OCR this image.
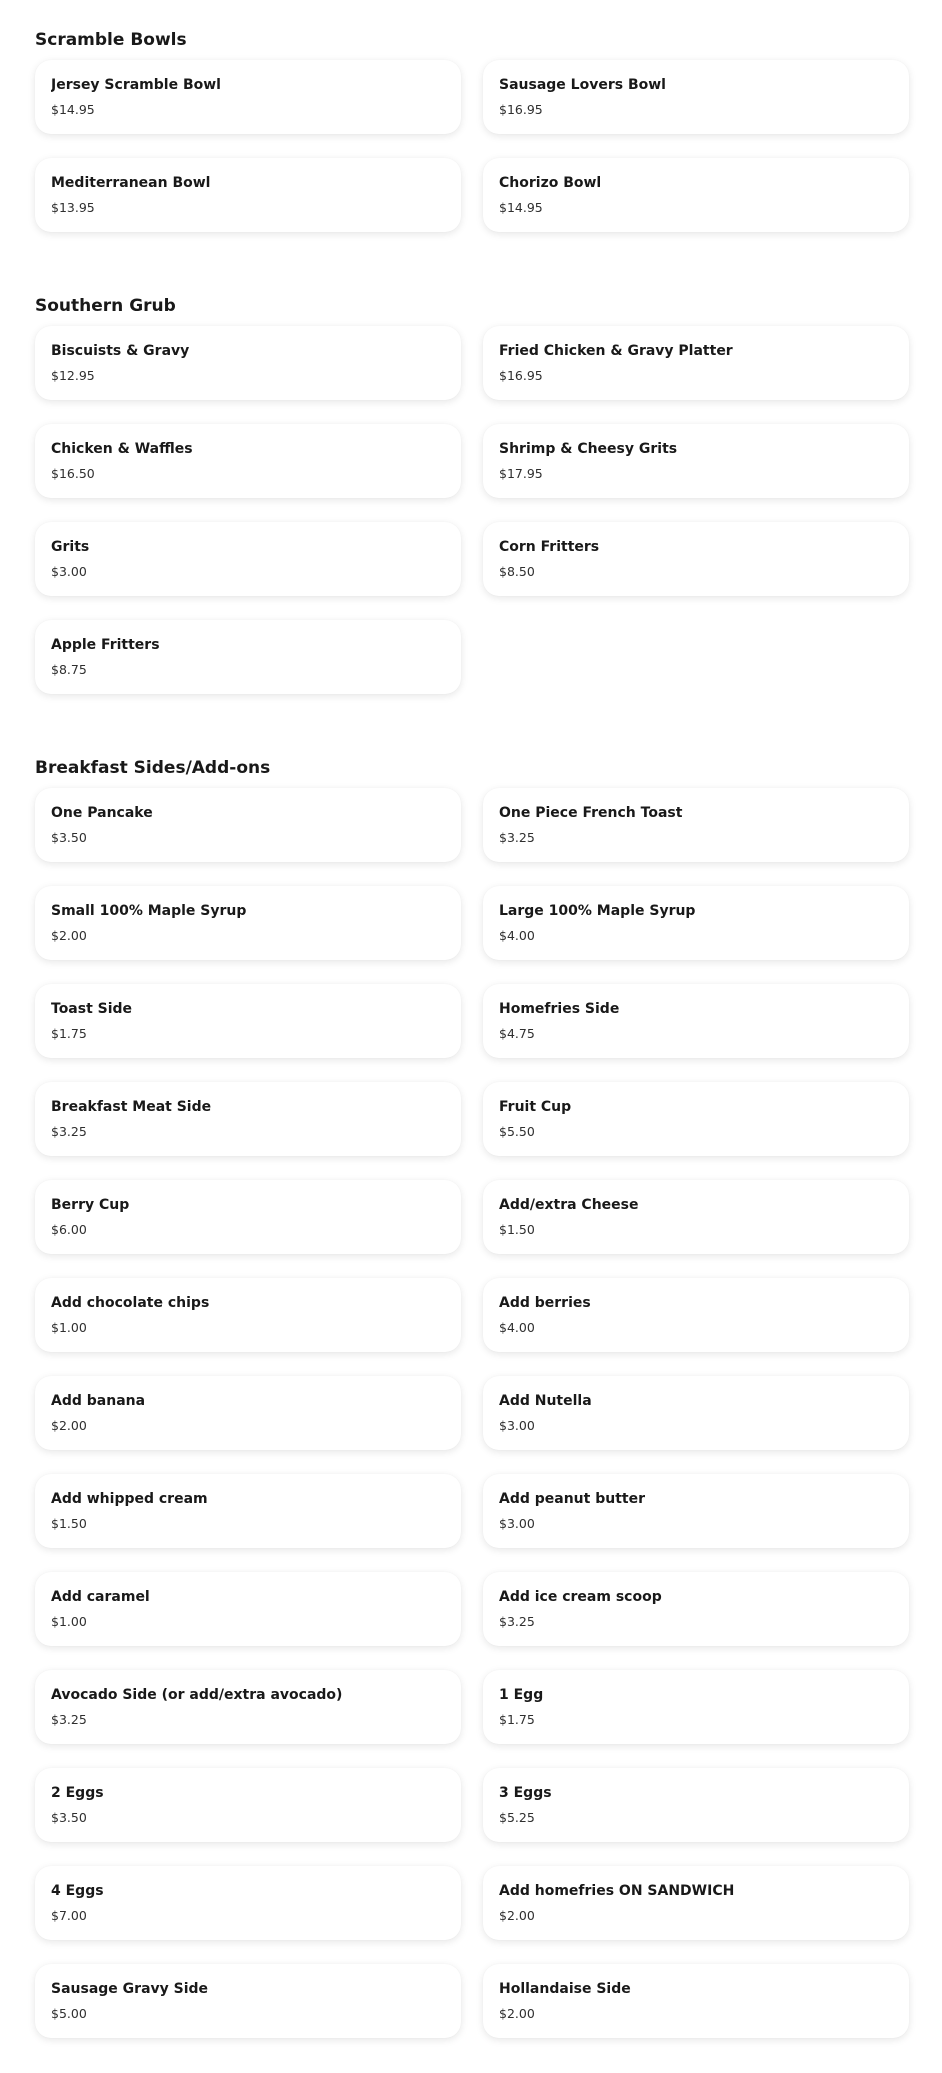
Scramble Bowls
Jersey Scramble Bowl
$14.95
Sausage Lovers Bowl
$16.95
Mediterranean Bowl
$13.95
Chorizo Bowl
$14.95
Southern Grub
Biscuists & Gravy
$12.95
Fried Chicken & Gravy Platter
$16.95
Chicken & Waffles
$16.50
Shrimp & Cheesy Grits
$17.95
Grits
$3.00
Corn Fritters
$8.50
Apple Fritters
$8.75
Breakfast Sides/Add-ons
One Pancake
$3.50
One Piece French Toast
$3.25
Small 100% Maple Syrup
$2.00
Large 100% Maple Syrup
$4.00
Toast Side
$1.75
Homefries Side
$4.75
Breakfast Meat Side
$3.25
Fruit Cup
$5.50
Berry Cup
$6.00
Add/extra Cheese
$1.50
Add chocolate chips
$1.00
Add berries
$4.00
Add banana
$2.00
Add Nutella
$3.00
Add whipped cream
$1.50
Add peanut butter
$3.00
Add caramel
$1.00
Add ice cream scoop
$3.25
Avocado Side (or add/extra avocado)
$3.25
1 Egg
$1.75
2 Eggs
$3.50
3 Eggs
$5.25
4 Eggs
$7.00
Add homefries ON SANDWICH
$2.00
Sausage Gravy Side
$5.00
Hollandaise Side
$2.00
